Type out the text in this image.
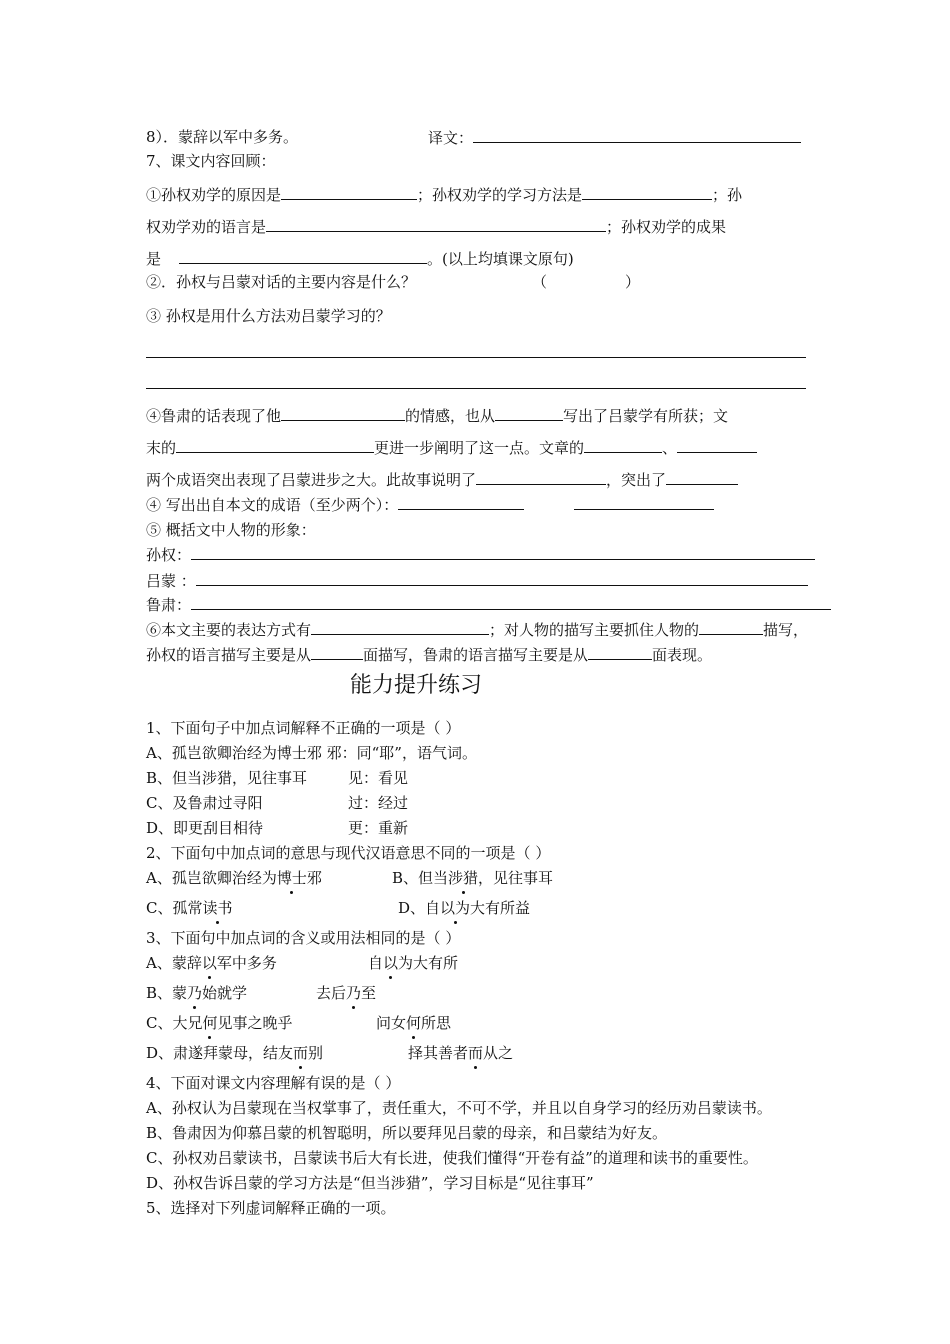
8）．蒙辞以军中多务。	译文：
7、课文内容回顾：
①孙权劝学的原因是	；孙权劝学的学习方法是	；孙
权劝学劝的语言是	；孙权劝学的成果
是	。(以上均填课文原句)
②．孙权与吕蒙对话的主要内容是什么？	（	）
③ 孙权是用什么方法劝吕蒙学习的？
④鲁肃的话表现了他	的情感，也从	写出了吕蒙学有所获；文
末的	更进一步阐明了这一点。文章的	、
两个成语突出表现了吕蒙进步之大。此故事说明了	，突出了
④ 写出出自本文的成语（至少两个）：
⑤ 概括文中人物的形象：
孙权：
吕蒙 ：
鲁肃：
⑥本文主要的表达方式有	；对人物的描写主要抓住人物的	描写，
孙权的语言描写主要是从	面描写，鲁肃的语言描写主要是从	面表现。
能力提升练习
1、下面句子中加点词解释不正确的一项是（ ）
A、孤岂欲卿治经为博士邪 邪：同“耶”，语气词。
B、但当涉猎，见往事耳	见：看见
C、及鲁肃过寻阳	过：经过
D、即更刮目相待	更：重新
2、下面句中加点词的意思与现代汉语意思不同的一项是（ ）
A、孤岂欲卿治经为博士邪	B、但当涉猎，见往事耳
C、孤常读书	D、自以为大有所益
3、下面句中加点词的含义或用法相同的是（ ）
A、蒙辞以军中多务	自以为大有所
B、蒙乃始就学	去后乃至
C、大兄何见事之晚乎	问女何所思
D、肃遂拜蒙母，结友而别	择其善者而从之
4、下面对课文内容理解有误的是（ ）
A、孙权认为吕蒙现在当权掌事了，责任重大，不可不学，并且以自身学习的经历劝吕蒙读书。
B、鲁肃因为仰慕吕蒙的机智聪明，所以要拜见吕蒙的母亲，和吕蒙结为好友。
C、孙权劝吕蒙读书，吕蒙读书后大有长进，使我们懂得“开卷有益”的道理和读书的重要性。
D、孙权告诉吕蒙的学习方法是“但当涉猎”，学习目标是“见往事耳”
5、选择对下列虚词解释正确的一项。
